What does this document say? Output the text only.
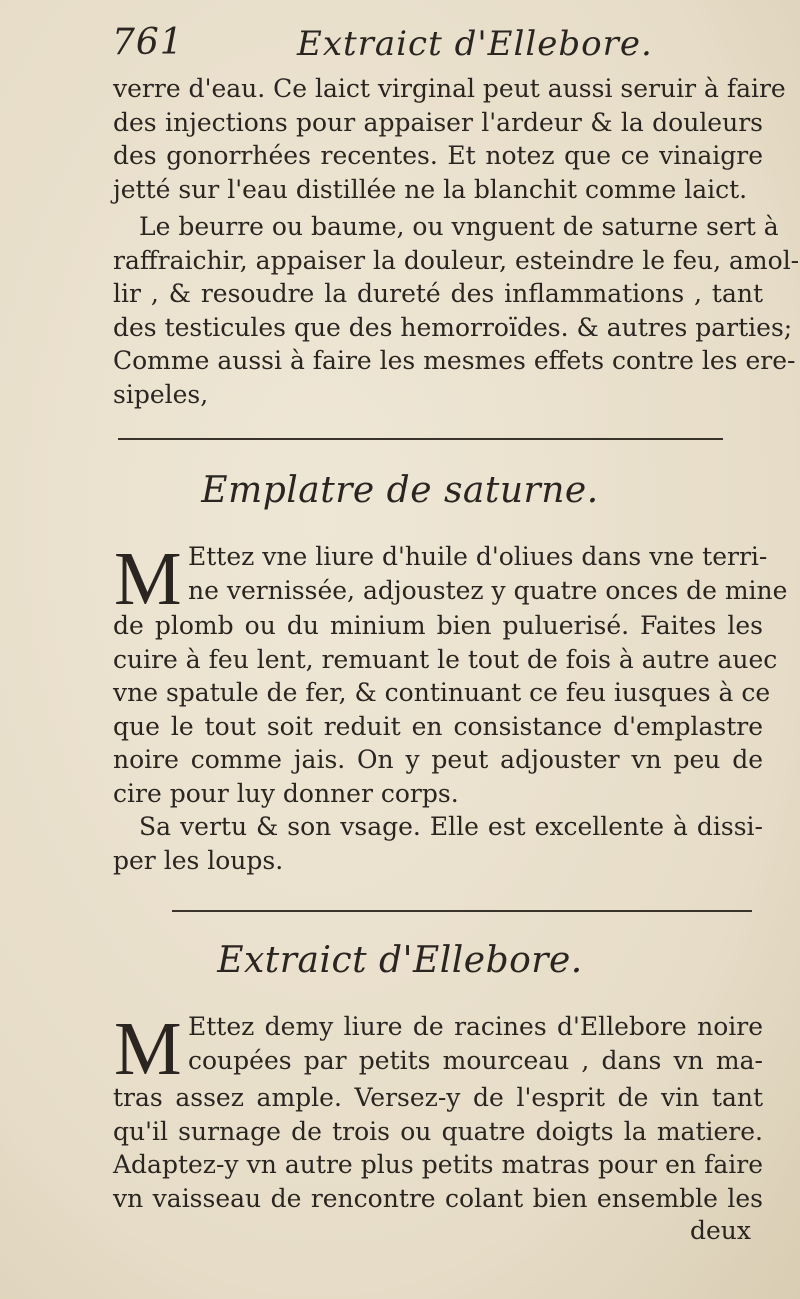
761	Extraict d'Ellebore.
verre d'eau. Ce laict virginal peut aussi seruir à faire
des injections pour appaiser l'ardeur & la douleurs
des gonorrhées recentes. Et notez que ce vinaigre
jetté sur l'eau distillée ne la blanchit comme laict.
Le beurre ou baume, ou vnguent de saturne sert à
raffraichir, appaiser la douleur, esteindre le feu, amol-
lir , & resoudre la dureté des inflammations , tant
des testicules que des hemorroïdes. & autres parties;
Comme aussi à faire les mesmes effets contre les ere-
sipeles,
Emplatre de saturne.
M Ettez vne liure d'huile d'oliues dans vne terri-
ne vernissée, adjoustez y quatre onces de mine
de plomb ou du minium bien puluerisé. Faites les
cuire à feu lent, remuant le tout de fois à autre auec
vne spatule de fer, & continuant ce feu iusques à ce
que le tout soit reduit en consistance d'emplastre
noire comme jais. On y peut adjouster vn peu de
cire pour luy donner corps.
Sa vertu & son vsage. Elle est excellente à dissi-
per les loups.
Extraict d'Ellebore.
M Ettez demy liure de racines d'Ellebore noire
coupées par petits mourceau , dans vn ma-
tras assez ample. Versez-y de l'esprit de vin tant
qu'il surnage de trois ou quatre doigts la matiere.
Adaptez-y vn autre plus petits matras pour en faire
vn vaisseau de rencontre colant bien ensemble les
deux
